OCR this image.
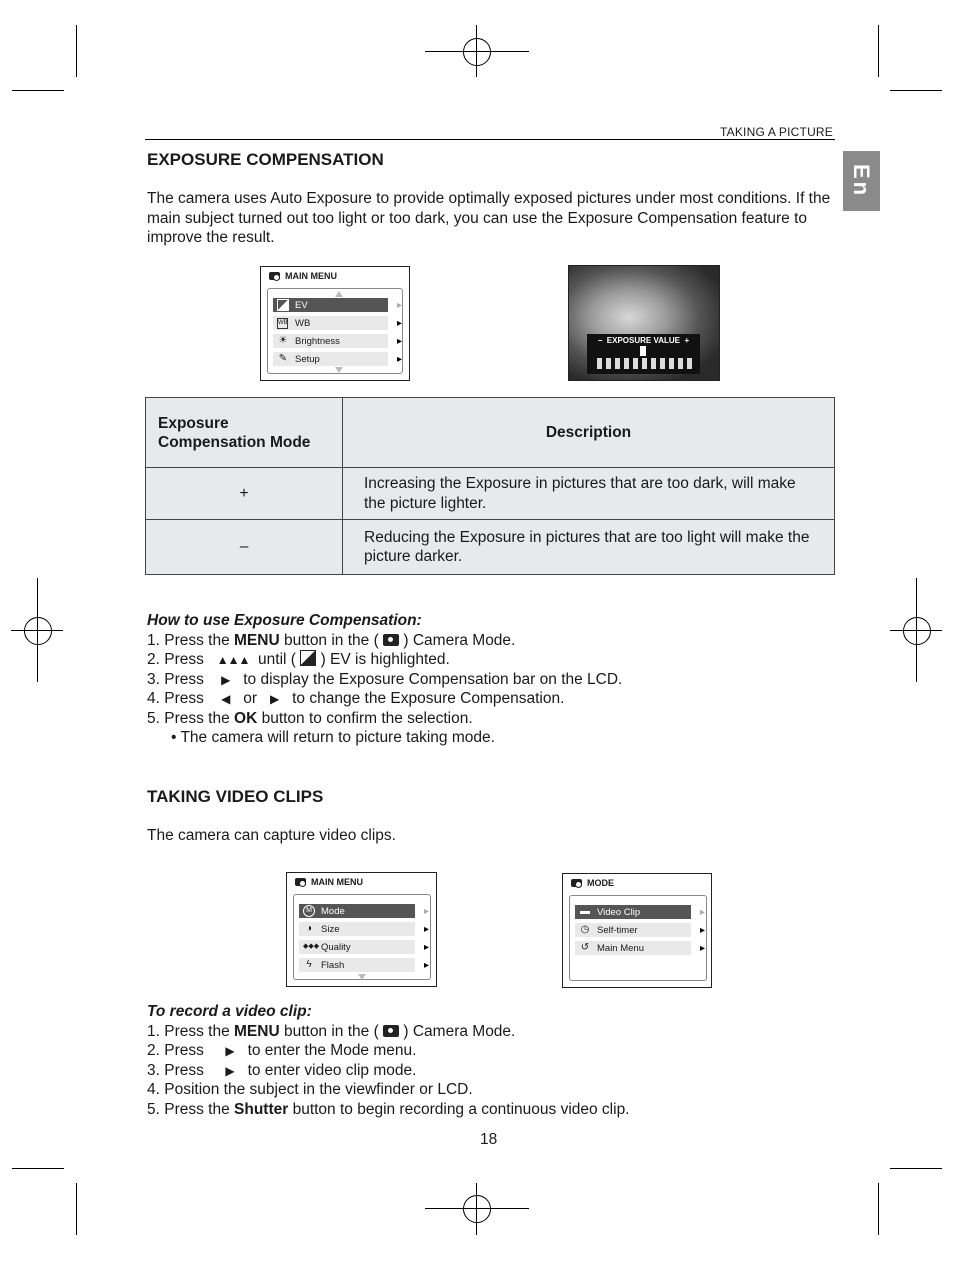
TAKING A PICTURE
En
EXPOSURE COMPENSATION

The camera uses Auto Exposure to provide optimally exposed pictures under most conditions. If the main subject turned out too light or too dark, you can use the Exposure Compensation feature to improve the result.

MAIN MENU
EV	▸
WB WB	▸
☀ Brightness	▸
✎ Setup	▸
– EXPOSURE VALUE +
Exposure Compensation Mode	Description
+	Increasing the Exposure in pictures that are too dark, will make the picture lighter.
–	Reducing the Exposure in pictures that are too light will make the picture darker.
How to use Exposure Compensation:
1. Press the MENU button in the ( ) Camera Mode.
2. Press ▲▲▲ until ( ) EV is highlighted.
3. Press ▶ to display the Exposure Compensation bar on the LCD.
4. Press ◀ or ▶ to change the Exposure Compensation.
5. Press the OK button to confirm the selection.
• The camera will return to picture taking mode.
TAKING VIDEO CLIPS

The camera can capture video clips.

MAIN MENU
M Mode	▸
◑ Size	▸
◆◆◆ Quality	▸
ϟ Flash	▸
MODE
▬ Video Clip	▸
◷ Self-timer	▸
↺ Main Menu	▸
To record a video clip:
1. Press the MENU button in the ( ) Camera Mode.
2. Press ▶ to enter the Mode menu.
3. Press ▶ to enter video clip mode.
4. Position the subject in the viewfinder or LCD.
5. Press the Shutter button to begin recording a continuous video clip.
18
